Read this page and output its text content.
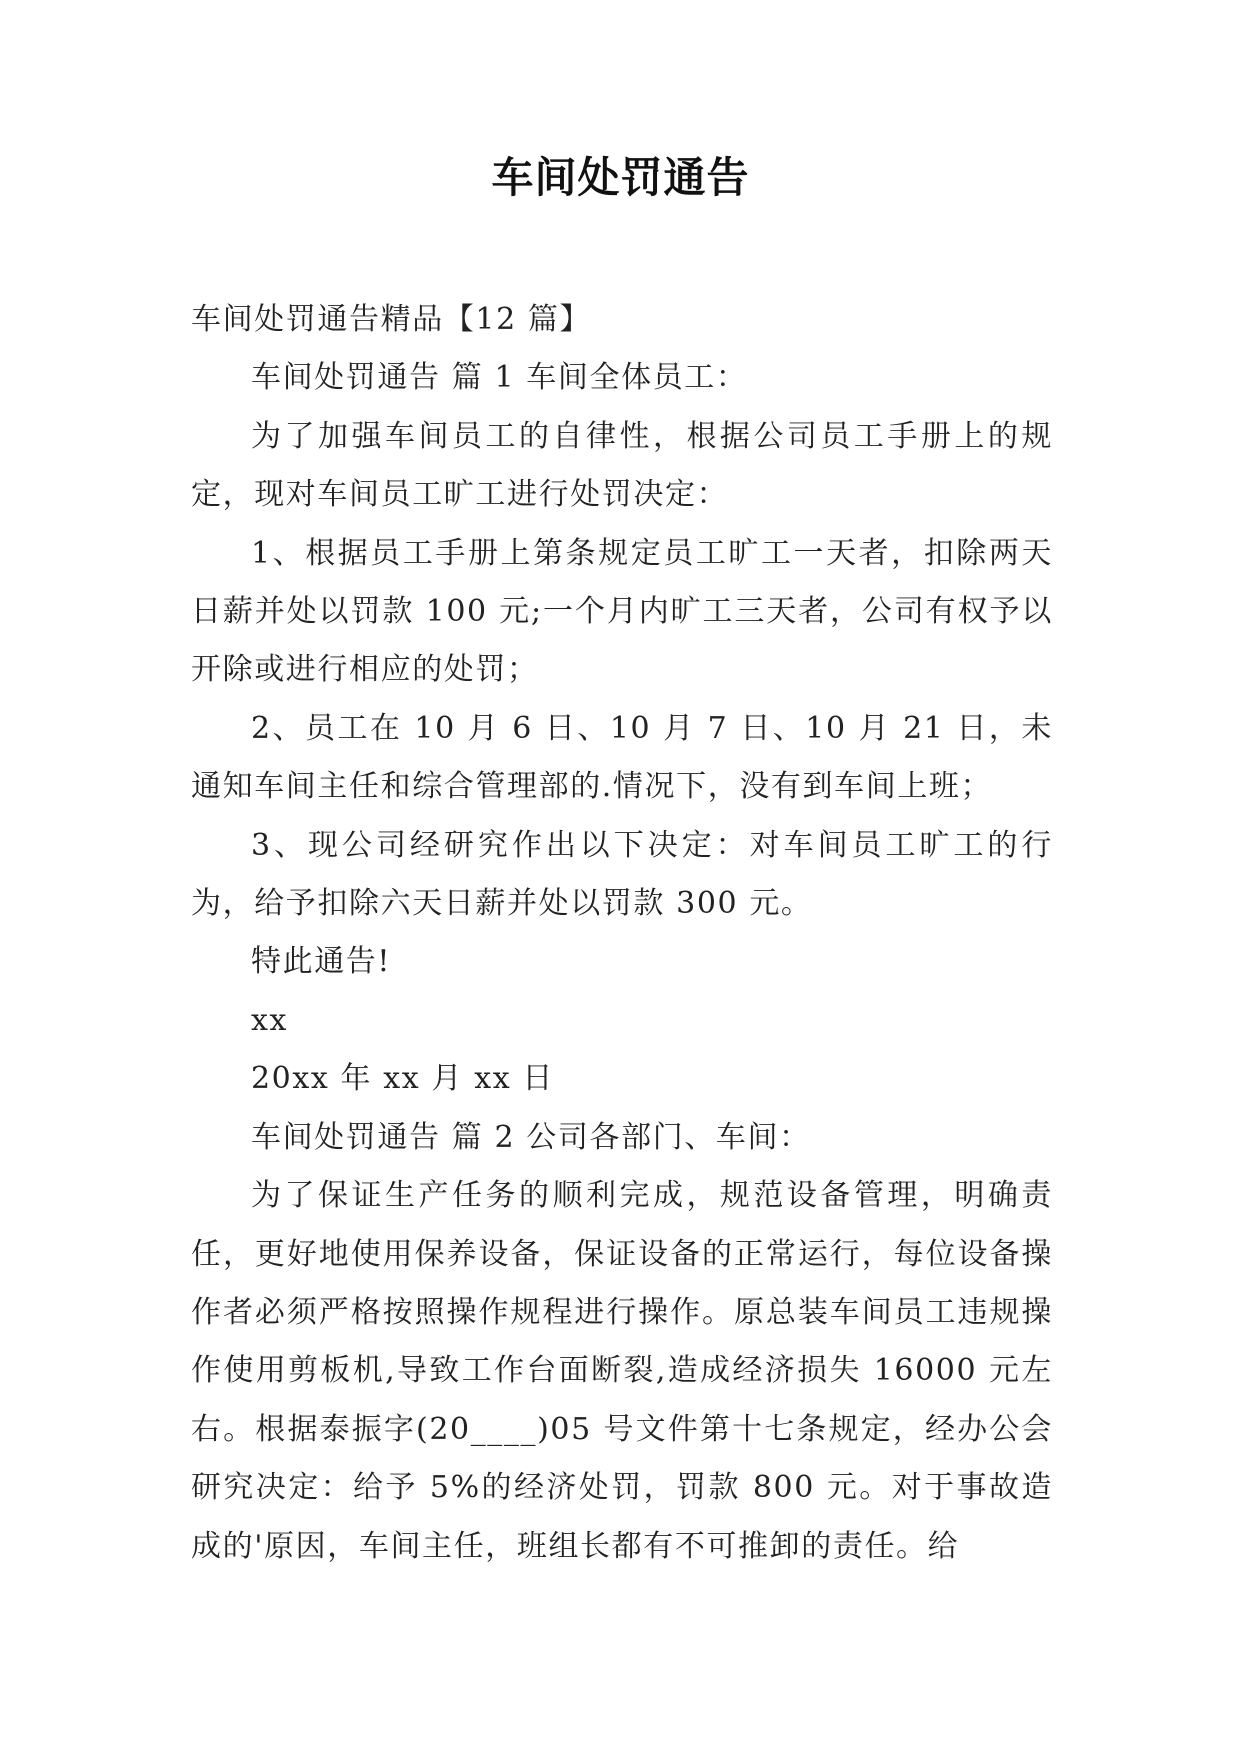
车间处罚通告

车间处罚通告精品【12 篇】

车间处罚通告 篇 1 车间全体员工：

为了加强车间员工的自律性，根据公司员工手册上的规定，现对车间员工旷工进行处罚决定：

1、根据员工手册上第条规定员工旷工一天者，扣除两天日薪并处以罚款 100 元;一个月内旷工三天者，公司有权予以开除或进行相应的处罚；

2、员工在 10 月 6 日、10 月 7 日、10 月 21 日，未通知车间主任和综合管理部的.情况下，没有到车间上班；

3、现公司经研究作出以下决定：对车间员工旷工的行为，给予扣除六天日薪并处以罚款 300 元。

特此通告!

xx

20xx 年 xx 月 xx 日

车间处罚通告 篇 2 公司各部门、车间：

为了保证生产任务的顺利完成，规范设备管理，明确责任，更好地使用保养设备，保证设备的正常运行，每位设备操作者必须严格按照操作规程进行操作。原总装车间员工违规操作使用剪板机,导致工作台面断裂,造成经济损失 16000 元左右。根据泰振字(20____)05 号文件第十七条规定，经办公会研究决定：给予 5%的经济处罚，罚款 800 元。对于事故造成的'原因，车间主任，班组长都有不可推卸的责任。给
